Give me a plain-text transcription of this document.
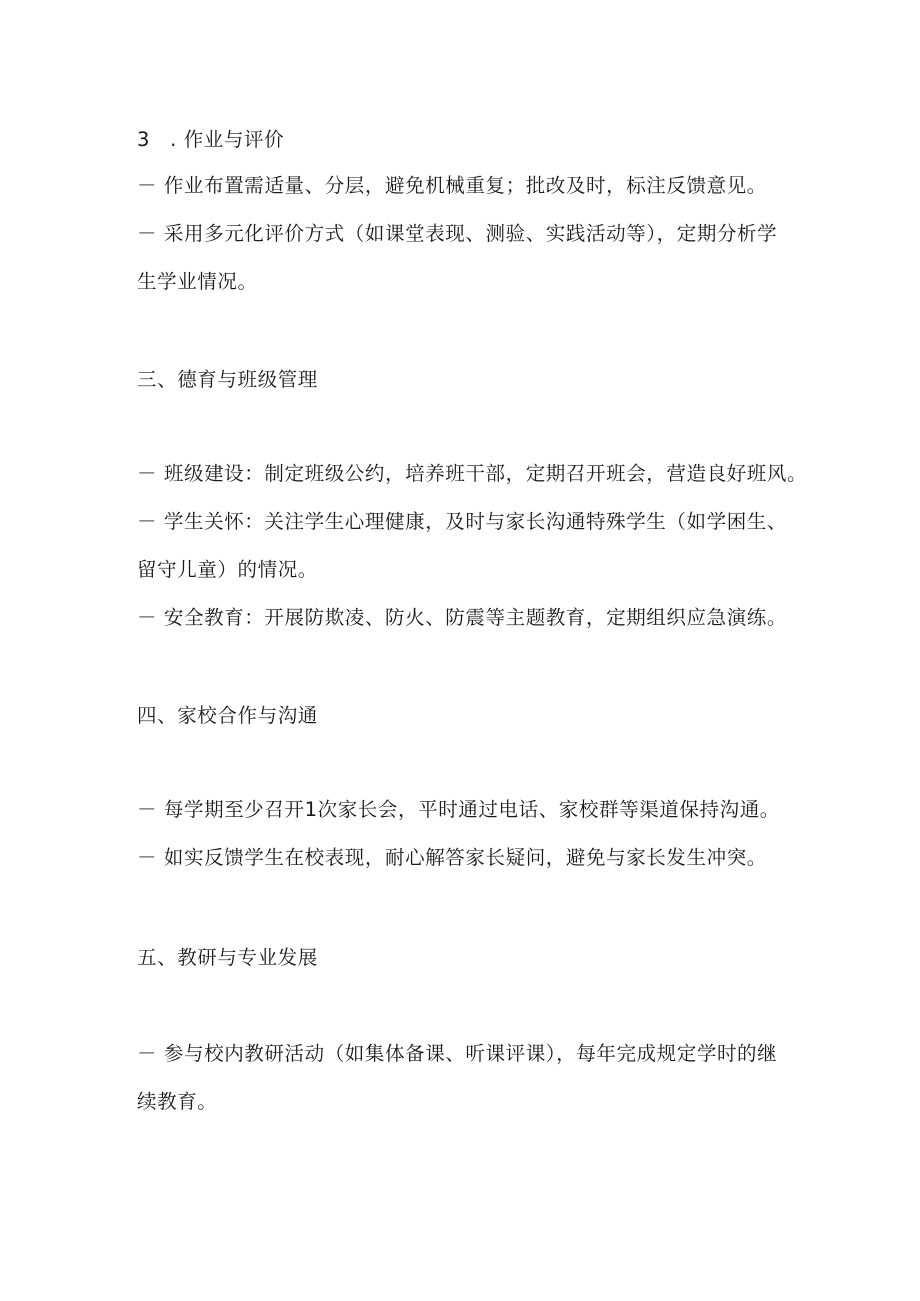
3　. 作业与评价
－ 作业布置需适量、分层，避免机械重复；批改及时，标注反馈意见。
－ 采用多元化评价方式（如课堂表现、测验、实践活动等），定期分析学
生学业情况。
三、德育与班级管理
－ 班级建设：制定班级公约，培养班干部，定期召开班会，营造良好班风。
－ 学生关怀：关注学生心理健康，及时与家长沟通特殊学生（如学困生、
留守儿童）的情况。
－ 安全教育：开展防欺凌、防火、防震等主题教育，定期组织应急演练。
四、家校合作与沟通
－ 每学期至少召开1次家长会，平时通过电话、家校群等渠道保持沟通。
－ 如实反馈学生在校表现，耐心解答家长疑问，避免与家长发生冲突。
五、教研与专业发展
－ 参与校内教研活动（如集体备课、听课评课），每年完成规定学时的继
续教育。
